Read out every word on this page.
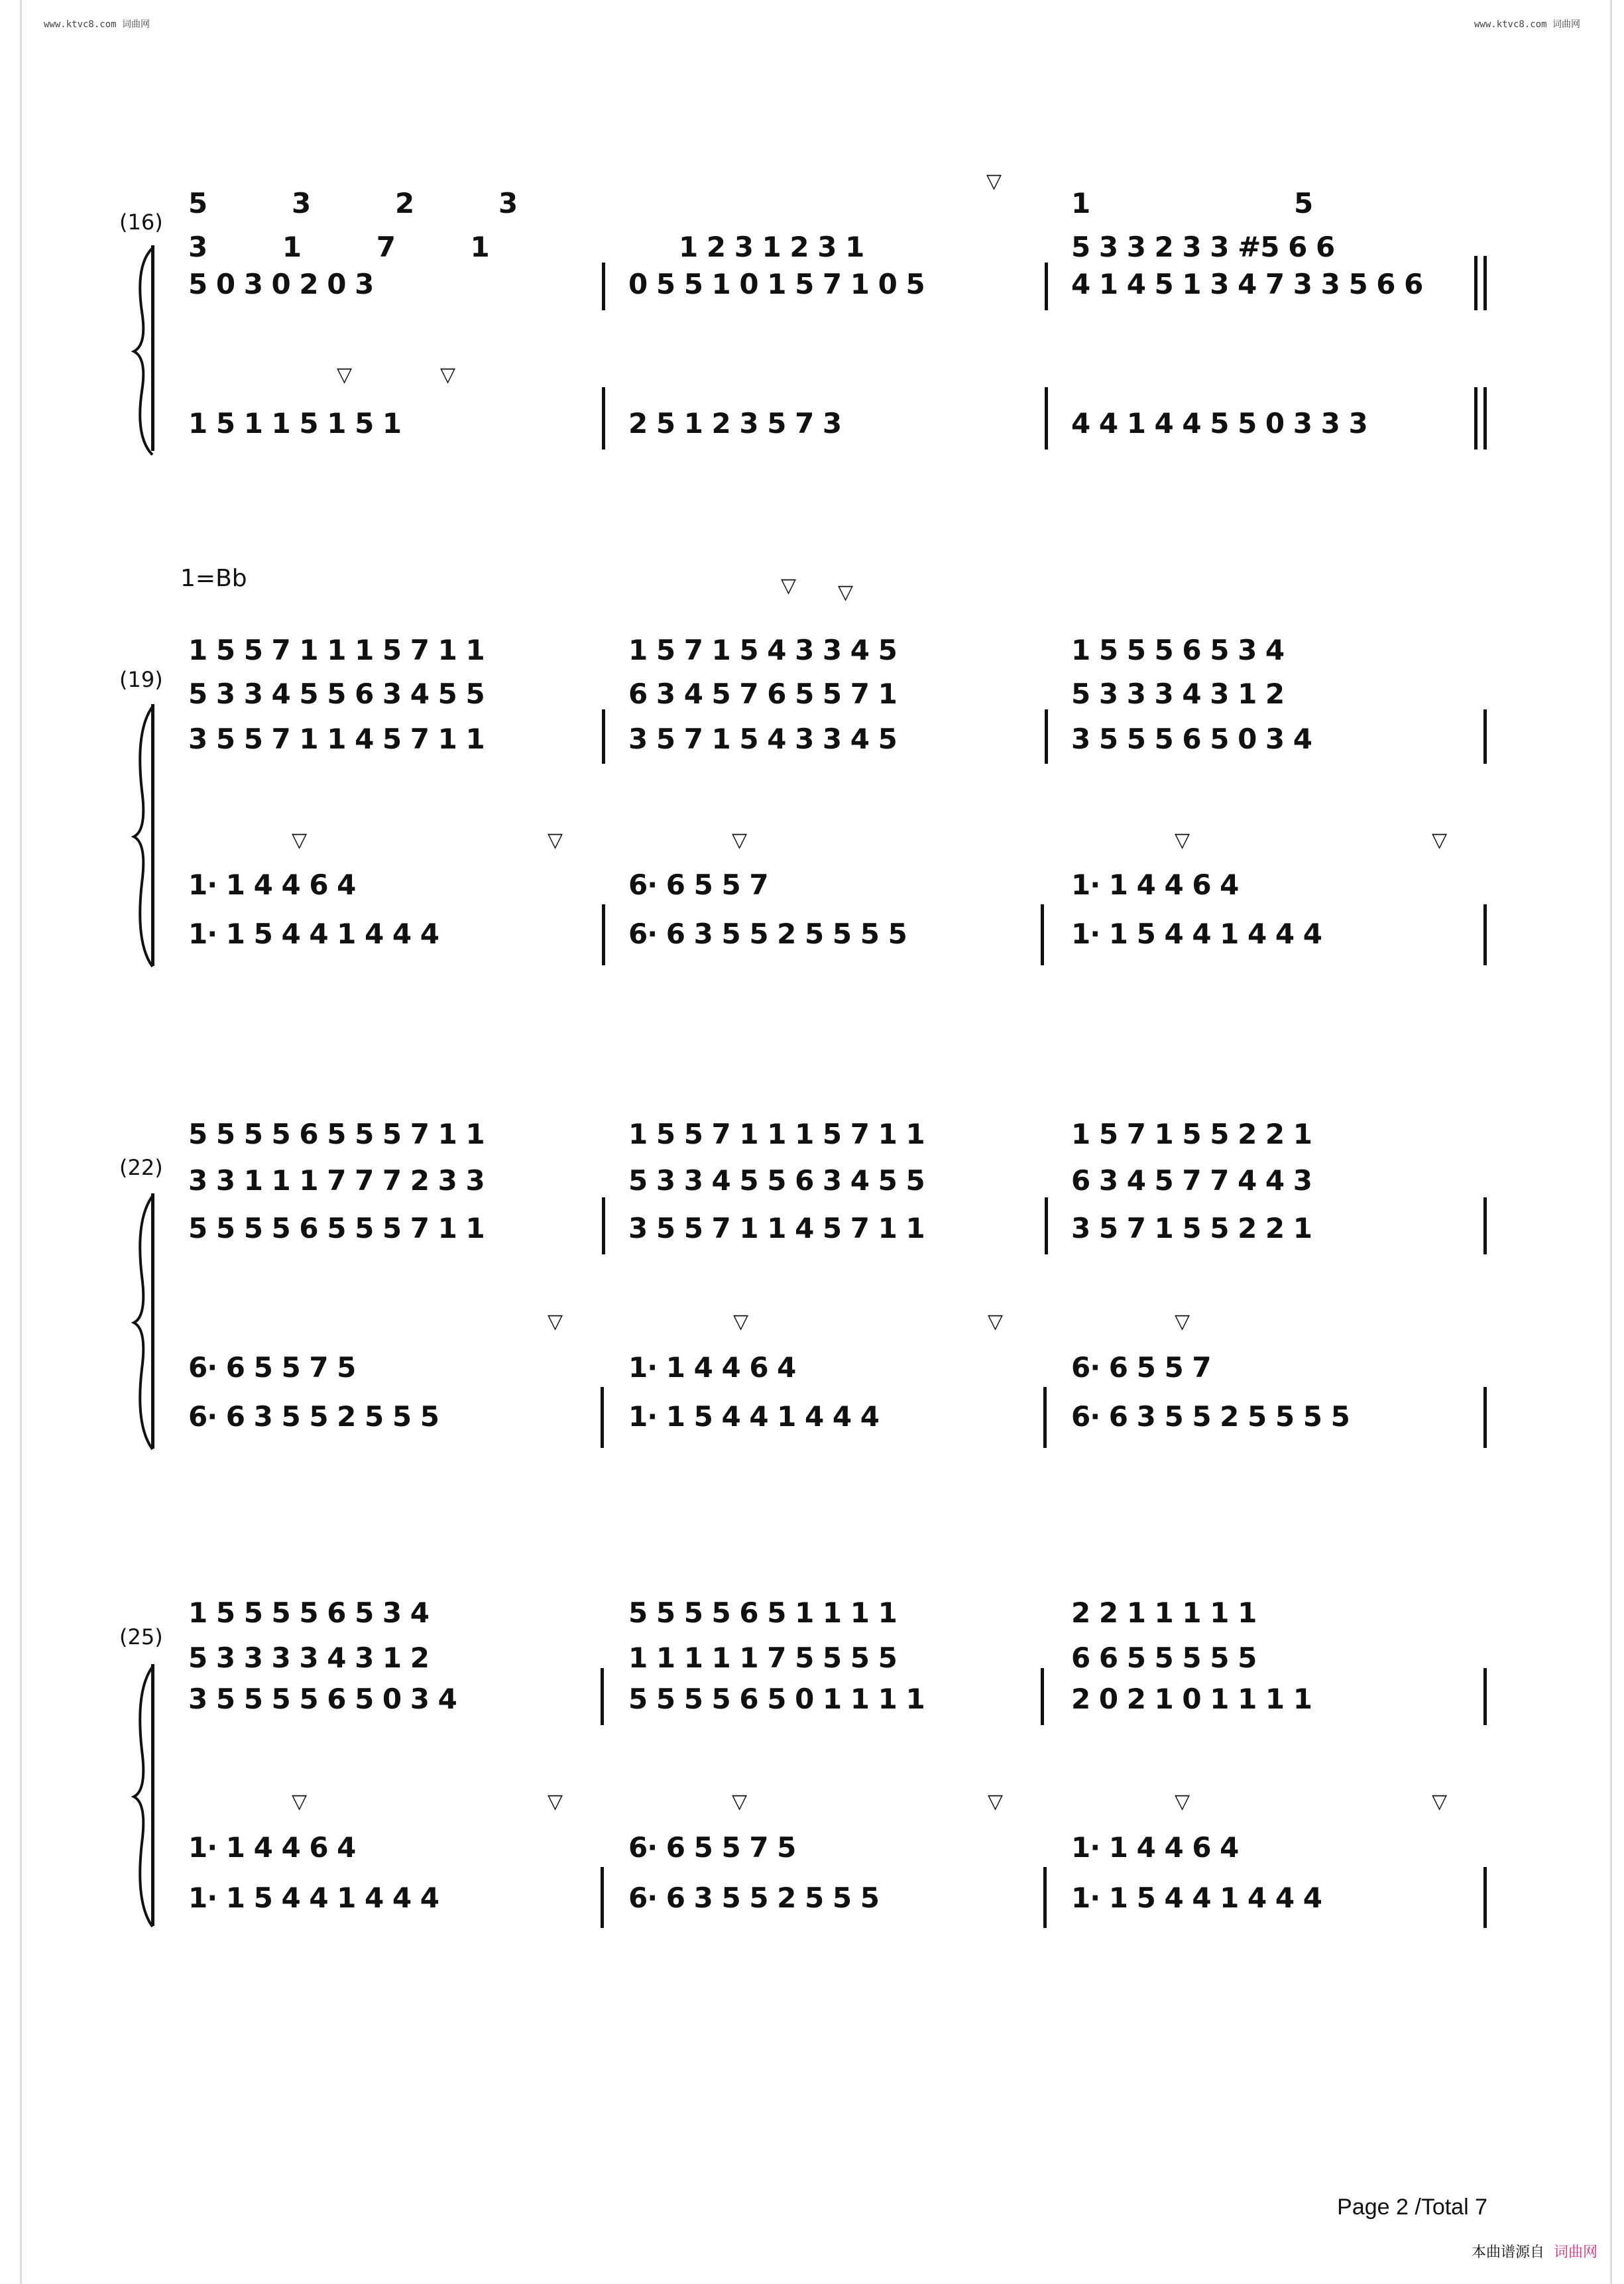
www.ktvc8.com 词曲网	www.ktvc8.com 词曲网
(16)
1=Bb
(19)
(22)
(25)
5	3	2	3	1	5
3 1 7 1	1 2 3 1 2 3 1	5 3 3 2 3 3 #5 6 6
5 0 3 0 2 0 3	0 5 5 1 0 1 5 7 1 0 5	4 1 4 5 1 3 4 7 3 3 5 6 6
▽	▽
▽
1 5 1 1 5 1 5 1	2 5 1 2 3 5 7 3	4 4 1 4 4 5 5 0 3 3 3
▽ ▽
1 5 5 7 1 1 1 5 7 1 1	1 5 7 1 5 4 3 3 4 5	1 5 5 5 6 5 3 4
5 3 3 4 5 5 6 3 4 5 5	6 3 4 5 7 6 5 5 7 1	5 3 3 3 4 3 1 2
3 5 5 7 1 1 4 5 7 1 1	3 5 7 1 5 4 3 3 4 5	3 5 5 5 6 5 0 3 4
▽	▽	▽	▽	▽
1· 1 4 4 6 4	6· 6 5 5 7	1· 1 4 4 6 4
1· 1 5 4 4 1 4 4 4	6· 6 3 5 5 2 5 5 5 5	1· 1 5 4 4 1 4 4 4
5 5 5 5 6 5 5 5 7 1 1	1 5 5 7 1 1 1 5 7 1 1	1 5 7 1 5 5 2 2 1
3 3 1 1 1 7 7 7 2 3 3	5 3 3 4 5 5 6 3 4 5 5	6 3 4 5 7 7 4 4 3
5 5 5 5 6 5 5 5 7 1 1	3 5 5 7 1 1 4 5 7 1 1	3 5 7 1 5 5 2 2 1
▽	▽	▽	▽
6· 6 5 5 7 5	1· 1 4 4 6 4	6· 6 5 5 7
6· 6 3 5 5 2 5 5 5	1· 1 5 4 4 1 4 4 4	6· 6 3 5 5 2 5 5 5 5
1 5 5 5 5 6 5 3 4	5 5 5 5 6 5 1 1 1 1	2 2 1 1 1 1 1
5 3 3 3 3 4 3 1 2	1 1 1 1 1 7 5 5 5 5	6 6 5 5 5 5 5
3 5 5 5 5 6 5 0 3 4	5 5 5 5 6 5 0 1 1 1 1	2 0 2 1 0 1 1 1 1
▽	▽	▽	▽	▽	▽
1· 1 4 4 6 4	6· 6 5 5 7 5	1· 1 4 4 6 4
1· 1 5 4 4 1 4 4 4	6· 6 3 5 5 2 5 5 5	1· 1 5 4 4 1 4 4 4
Page 2 /Total 7
本曲谱源自 词曲网
